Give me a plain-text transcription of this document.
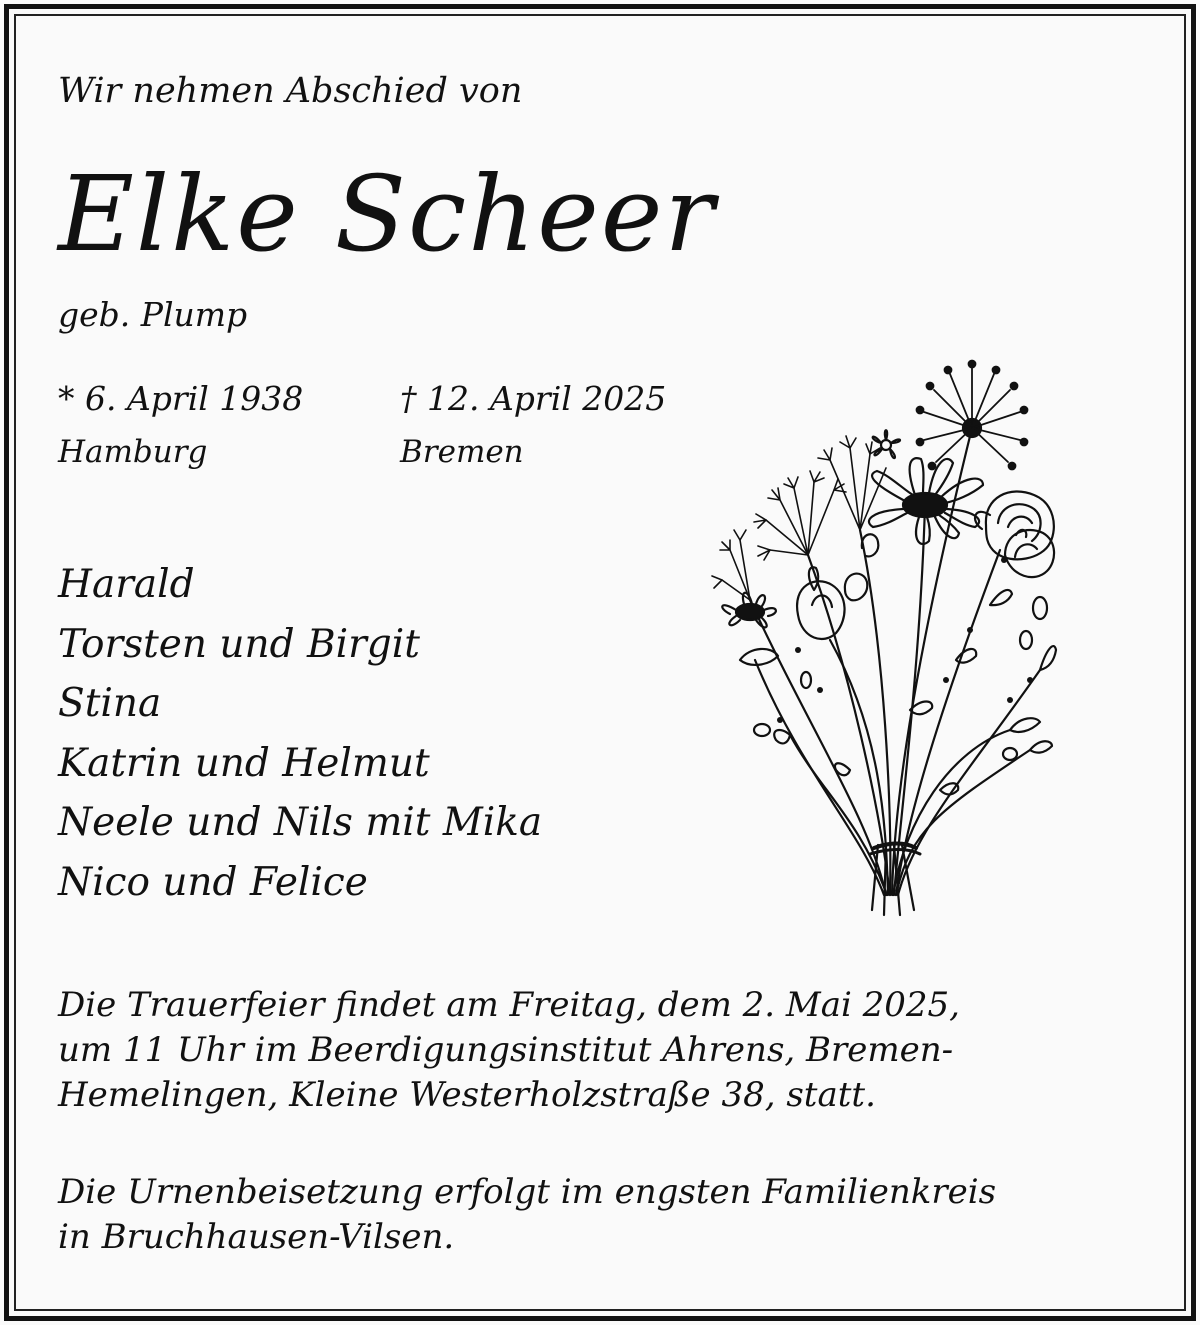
Wir nehmen Abschied von

Elke Scheer

geb. Plump

* 6. April 1938

Hamburg

† 12. April 2025

Bremen

Harald
Torsten und Birgit
Stina
Katrin und Helmut
Neele und Nils mit Mika
Nico und Felice
Die Trauerfeier findet am Freitag, dem 2. Mai 2025,
um 11 Uhr im Beerdigungsinstitut Ahrens, Bremen-
Hemelingen, Kleine Westerholzstraße 38, statt.
Die Urnenbeisetzung erfolgt im engsten Familienkreis
in Bruchhausen-Vilsen.
